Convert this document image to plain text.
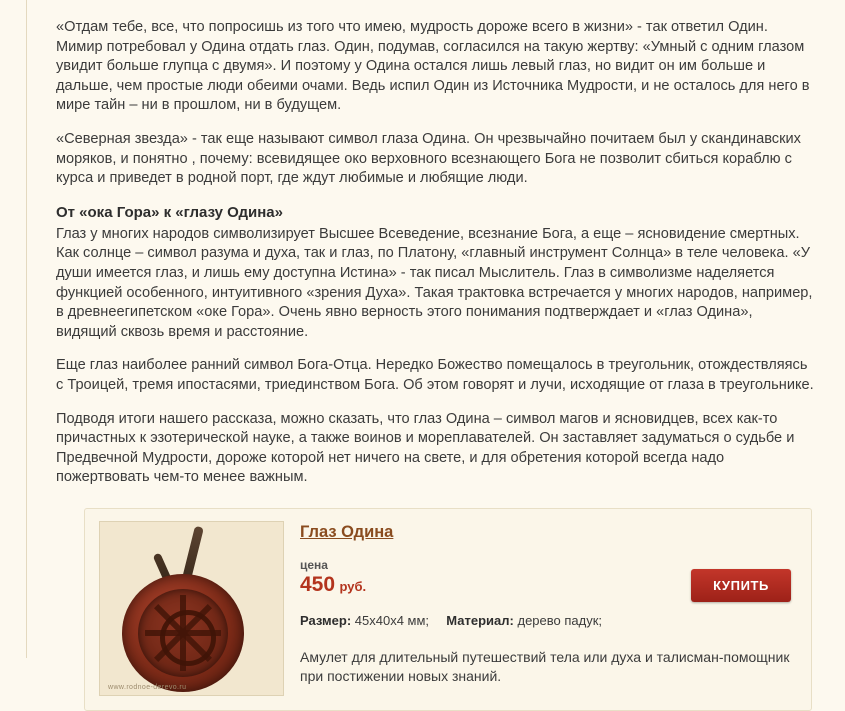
«Отдам тебе, все, что попросишь из того что имею, мудрость дороже всего в жизни» - так ответил Один. Мимир потребовал у Одина отдать глаз. Один, подумав, согласился на такую жертву: «Умный с одним глазом увидит больше глупца с двумя». И поэтому у Одина остался лишь левый глаз, но видит он им больше и дальше, чем простые люди обеими очами. Ведь испил Один из Источника Мудрости, и не осталось для него в мире тайн – ни в прошлом, ни в будущем.

«Северная звезда» - так еще называют символ глаза Одина. Он чрезвычайно почитаем был у скандинавских моряков, и понятно , почему: всевидящее око верховного всезнающего Бога не позволит сбиться кораблю с курса и приведет в родной порт, где ждут любимые и любящие люди.

От «ока Гора» к «глазу Одина»

Глаз у многих народов символизирует Высшее Всеведение, всезнание Бога, а еще – ясновидение смертных. Как солнце – символ разума и духа, так и глаз, по Платону, «главный инструмент Солнца» в теле человека. «У души имеется глаз, и лишь ему доступна Истина» - так писал Мыслитель. Глаз в символизме наделяется функцией особенного, интуитивного «зрения Духа». Такая трактовка встречается у многих народов, например, в древнеегипетском «оке Гора». Очень явно верность этого понимания подтверждает и «глаз Одина», видящий сквозь время и расстояние.

Еще глаз наиболее ранний символ Бога-Отца. Нередко Божество помещалось в треугольник, отождествляясь с Троицей, тремя ипостасями, триединством Бога. Об этом говорят и лучи, исходящие от глаза в треугольнике.

Подводя итоги нашего рассказа, можно сказать, что глаз Одина – символ магов и ясновидцев, всех как-то причастных к эзотерической науке, а также воинов и мореплавателей. Он заставляет задуматься о судьбе и Предвечной Мудрости, дороже которой нет ничего на свете, и для обретения которой всегда надо пожертвовать чем-то менее важным.

www.rodnoe-derevo.ru
Глаз Одина
цена
450 руб.	КУПИТЬ
Размер: 45х40х4 мм; Материал: дерево падук;
Амулет для длительный путешествий тела или духа и талисман-помощник при постижении новых знаний.
